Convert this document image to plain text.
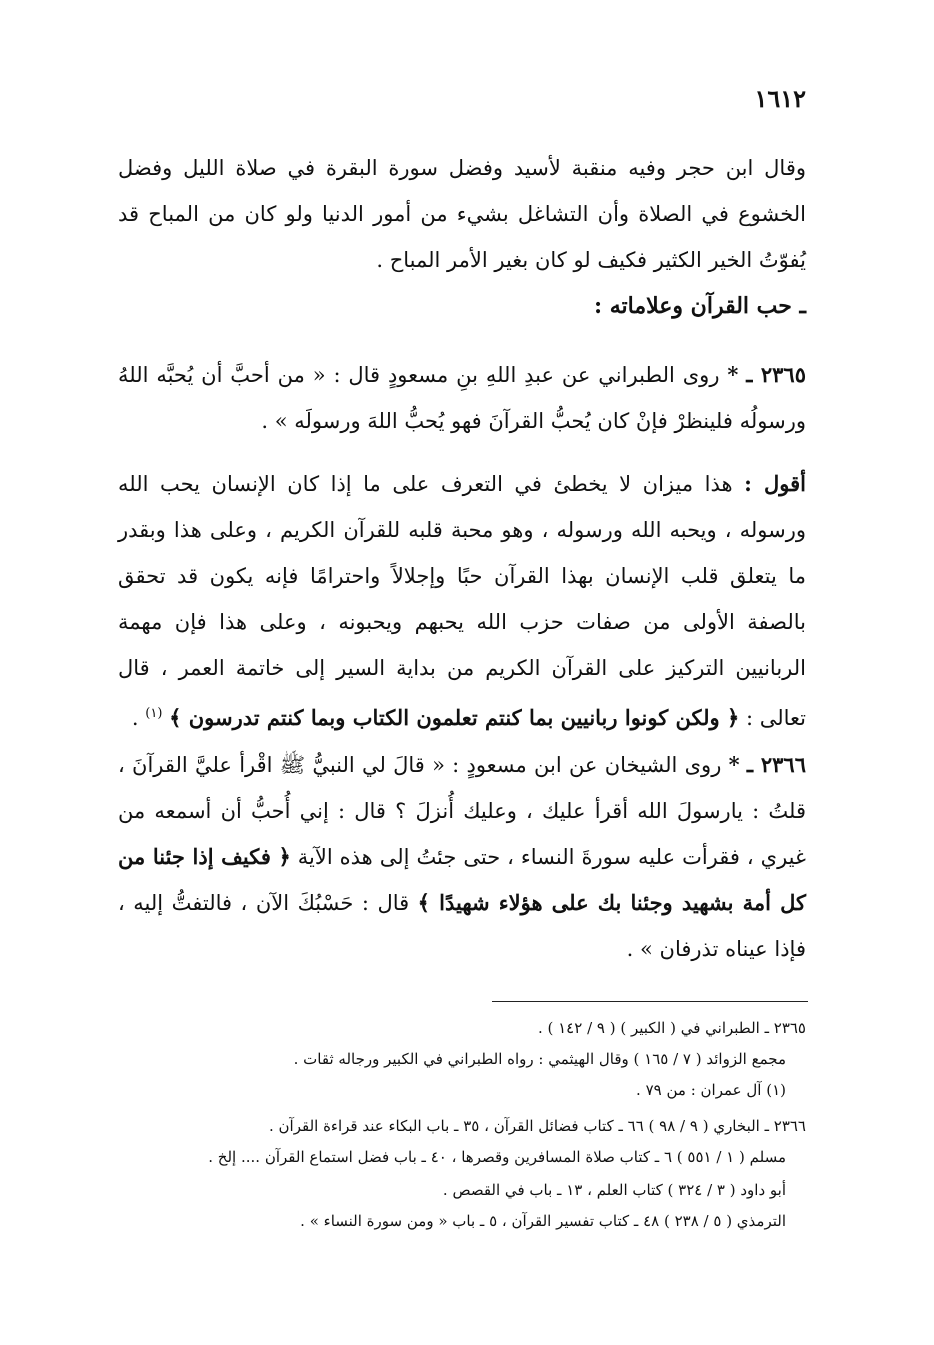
١٦١٢
وقال ابن حجر وفيه منقبة لأسيد وفضل سورة البقرة في صلاة الليل وفضل الخشوع في الصلاة وأن التشاغل بشيء من أمور الدنيا ولو كان من المباح قد يُفوّتُ الخير الكثير فكيف لو كان بغير الأمر المباح .
ـ حب القرآن وعلاماته :
٢٣٦٥ ـ * روى الطبراني عن عبدِ اللهِ بنِ مسعودٍ قال : « من أحبَّ أن يُحبَّه اللهُ ورسولُه فلينظرْ فإنْ كان يُحبُّ القرآنَ فهو يُحبُّ اللهَ ورسولَه » .
أقول : هذا ميزان لا يخطئ في التعرف على ما إذا كان الإنسان يحب الله ورسوله ، ويحبه الله ورسوله ، وهو محبة قلبه للقرآن الكريم ، وعلى هذا وبقدر ما يتعلق قلب الإنسان بهذا القرآن حبًا وإجلالاً واحترامًا فإنه يكون قد تحقق بالصفة الأولى من صفات حزب الله يحبهم ويحبونه ، وعلى هذا فإن مهمة الربانيين التركيز على القرآن الكريم من بداية السير إلى خاتمة العمر ، قال تعالى : ﴿ ولكن كونوا ربانيين بما كنتم تعلمون الكتاب وبما كنتم تدرسون ﴾ $^{(١)}$ .
٢٣٦٦ ـ * روى الشيخان عن ابن مسعودٍ : « قالَ لي النبيُّ ﷺ اقْرأ عليَّ القرآنَ ، قلتُ : يارسولَ الله أقرأ عليك ، وعليك أُنزلَ ؟ قال : إني أُحبُّ أن أسمعه من غيري ، فقرأت عليه سورةَ النساء ، حتى جئتُ إلى هذه الآية ﴿ فكيف إذا جئنا من كل أمة بشهيد وجئنا بك على هؤلاء شهيدًا ﴾ قال : حَسْبُكَ الآن ، فالتفتُّ إليه ، فإذا عيناه تذرفان » .
٢٣٦٥ ـ الطبراني في ( الكبير ) ( ٩ / ١٤٢ ) .
مجمع الزوائد ( ٧ / ١٦٥ ) وقال الهيثمي : رواه الطبراني في الكبير ورجاله ثقات .
(١) آل عمران : من ٧٩ .
٢٣٦٦ ـ البخاري ( ٩ / ٩٨ ) ٦٦ ـ كتاب فضائل القرآن ، ٣٥ ـ باب البكاء عند قراءة القرآن .
مسلم ( ١ / ٥٥١ ) ٦ ـ كتاب صلاة المسافرين وقصرها ، ٤٠ ـ باب فضل استماع القرآن .... إلخ .
أبو داود ( ٣ / ٣٢٤ ) كتاب العلم ، ١٣ ـ باب في القصص .
الترمذي ( ٥ / ٢٣٨ ) ٤٨ ـ كتاب تفسير القرآن ، ٥ ـ باب « ومن سورة النساء » .
